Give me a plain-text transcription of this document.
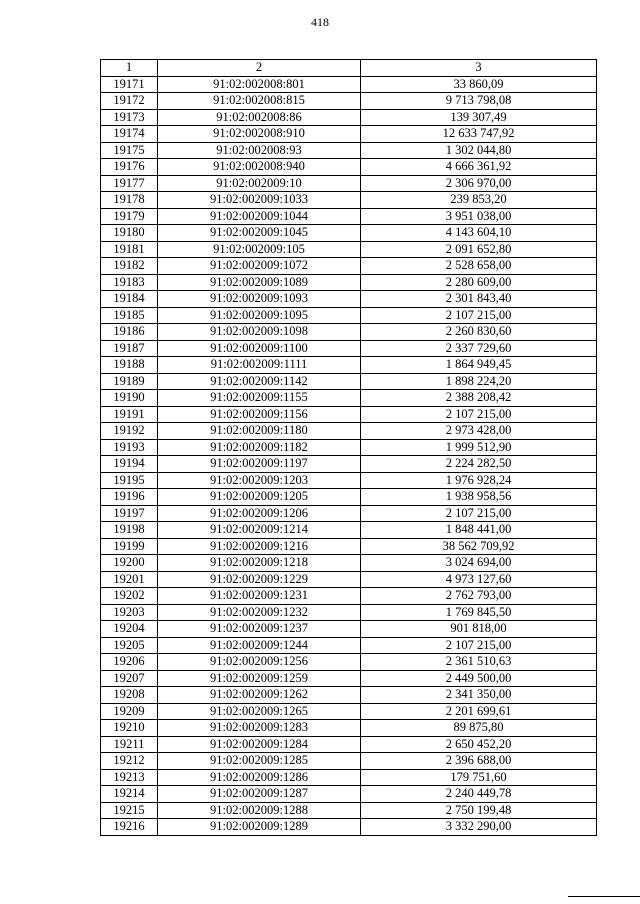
418
1	2	3
19171	91:02:002008:801	33 860,09
19172	91:02:002008:815	9 713 798,08
19173	91:02:002008:86	139 307,49
19174	91:02:002008:910	12 633 747,92
19175	91:02:002008:93	1 302 044,80
19176	91:02:002008:940	4 666 361,92
19177	91:02:002009:10	2 306 970,00
19178	91:02:002009:1033	239 853,20
19179	91:02:002009:1044	3 951 038,00
19180	91:02:002009:1045	4 143 604,10
19181	91:02:002009:105	2 091 652,80
19182	91:02:002009:1072	2 528 658,00
19183	91:02:002009:1089	2 280 609,00
19184	91:02:002009:1093	2 301 843,40
19185	91:02:002009:1095	2 107 215,00
19186	91:02:002009:1098	2 260 830,60
19187	91:02:002009:1100	2 337 729,60
19188	91:02:002009:1111	1 864 949,45
19189	91:02:002009:1142	1 898 224,20
19190	91:02:002009:1155	2 388 208,42
19191	91:02:002009:1156	2 107 215,00
19192	91:02:002009:1180	2 973 428,00
19193	91:02:002009:1182	1 999 512,90
19194	91:02:002009:1197	2 224 282,50
19195	91:02:002009:1203	1 976 928,24
19196	91:02:002009:1205	1 938 958,56
19197	91:02:002009:1206	2 107 215,00
19198	91:02:002009:1214	1 848 441,00
19199	91:02:002009:1216	38 562 709,92
19200	91:02:002009:1218	3 024 694,00
19201	91:02:002009:1229	4 973 127,60
19202	91:02:002009:1231	2 762 793,00
19203	91:02:002009:1232	1 769 845,50
19204	91:02:002009:1237	901 818,00
19205	91:02:002009:1244	2 107 215,00
19206	91:02:002009:1256	2 361 510,63
19207	91:02:002009:1259	2 449 500,00
19208	91:02:002009:1262	2 341 350,00
19209	91:02:002009:1265	2 201 699,61
19210	91:02:002009:1283	89 875,80
19211	91:02:002009:1284	2 650 452,20
19212	91:02:002009:1285	2 396 688,00
19213	91:02:002009:1286	179 751,60
19214	91:02:002009:1287	2 240 449,78
19215	91:02:002009:1288	2 750 199,48
19216	91:02:002009:1289	3 332 290,00
